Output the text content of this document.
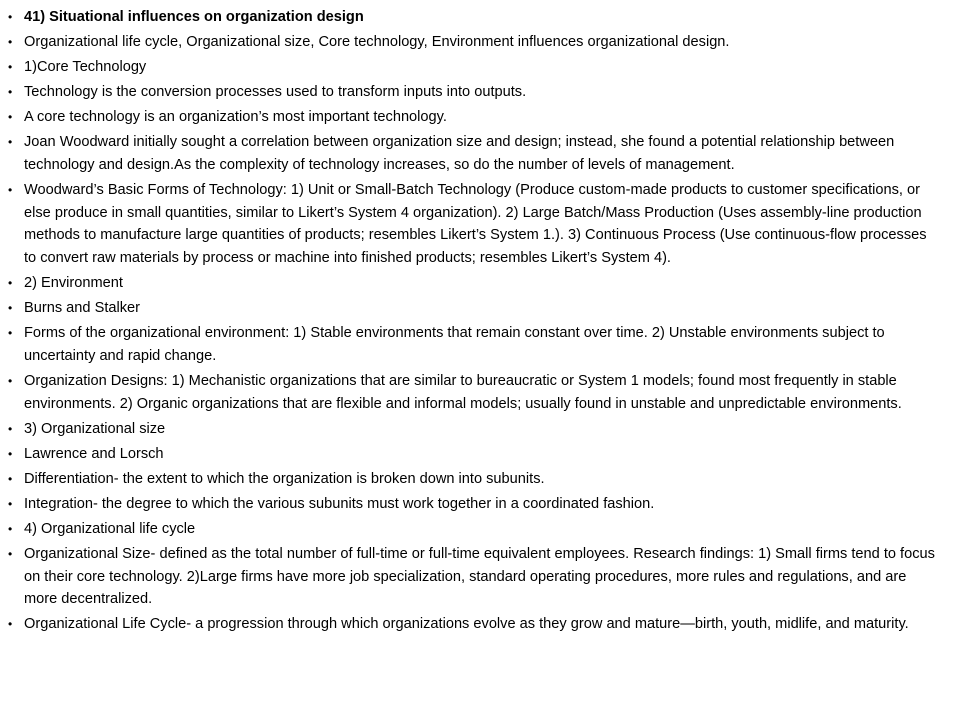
• 41) Situational influences on organization design
• Organizational life cycle, Organizational size, Core technology, Environment influences organizational design.
• 1)Core Technology
• Technology is the conversion processes used to transform inputs into outputs.
• A core technology is an organization’s most important technology.
• Joan Woodward initially sought a correlation between organization size and design; instead, she found a potential relationship between technology and design.As the complexity of technology increases, so do the number of levels of management.
• Woodward’s Basic Forms of Technology: 1) Unit or Small-Batch Technology (Produce custom-made products to customer specifications, or else produce in small quantities, similar to Likert’s System 4 organization). 2) Large Batch/Mass Production (Uses assembly-line production methods to manufacture large quantities of products; resembles Likert’s System 1.). 3) Continuous Process (Use continuous-flow processes to convert raw materials by process or machine into finished products; resembles Likert’s System 4).
• 2) Environment
• Burns and Stalker
• Forms of the organizational environment: 1) Stable environments that remain constant over time. 2) Unstable environments subject to uncertainty and rapid change.
• Organization Designs: 1) Mechanistic organizations that are similar to bureaucratic or System 1 models; found most frequently in stable environments. 2) Organic organizations that are flexible and informal models; usually found in unstable and unpredictable environments.
• 3) Organizational size
• Lawrence and Lorsch
• Differentiation- the extent to which the organization is broken down into subunits.
• Integration- the degree to which the various subunits must work together in a coordinated fashion.
• 4) Organizational life cycle
• Organizational Size- defined as the total number of full-time or full-time equivalent employees. Research findings: 1) Small firms tend to focus on their core technology. 2)Large firms have more job specialization, standard operating procedures, more rules and regulations, and are more decentralized.
• Organizational Life Cycle- a progression through which organizations evolve as they grow and mature—birth, youth, midlife, and maturity.
